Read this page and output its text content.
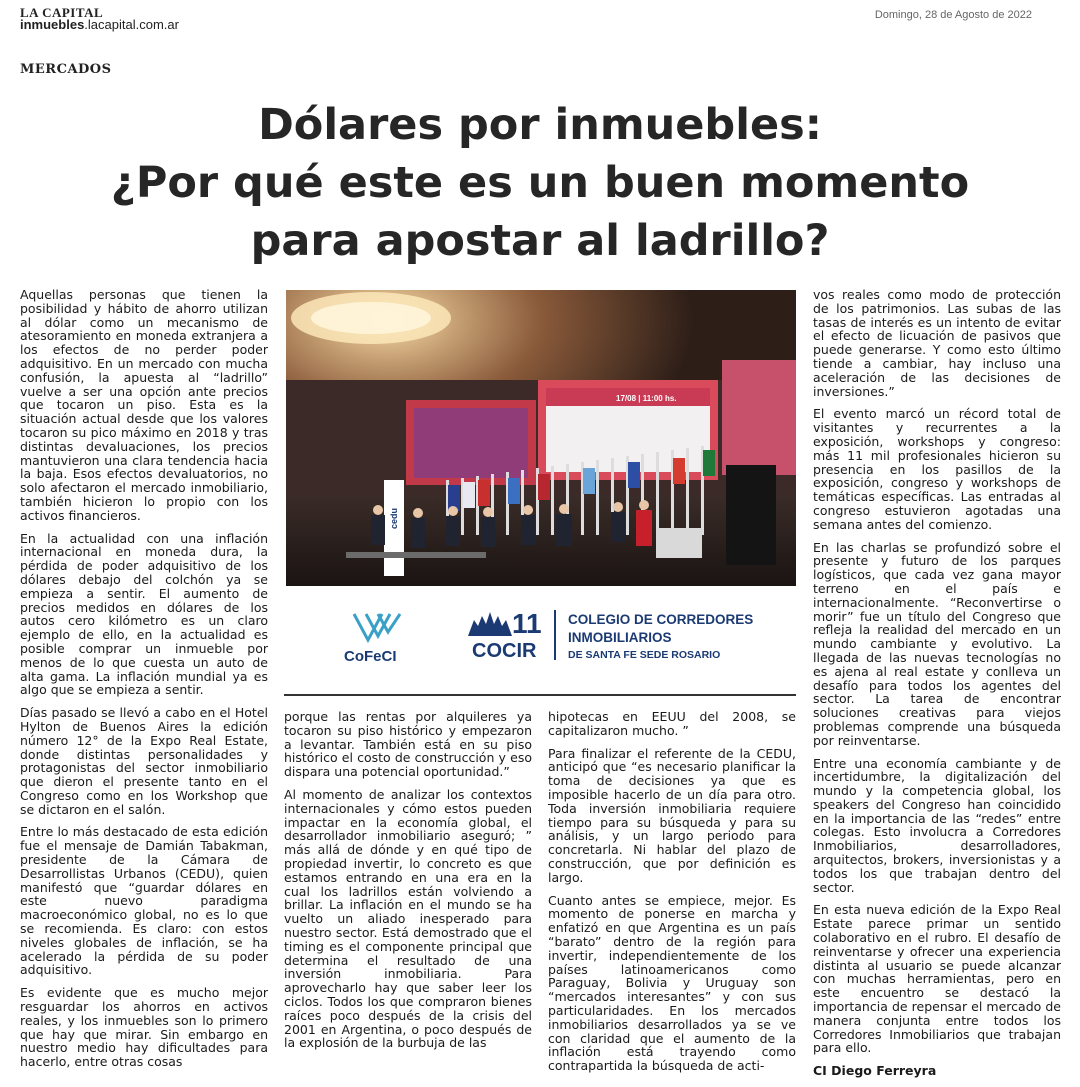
LA CAPITAL
inmuebles.lacapital.com.ar
Domingo, 28 de Agosto de 2022
MERCADOS
Dólares por inmuebles:
¿Por qué este es un buen momento
para apostar al ladrillo?

Aquellas personas que tienen la posibilidad y hábito de ahorro utilizan al dólar como un mecanismo de atesoramiento en moneda extranjera a los efectos de no perder poder adquisitivo. En un mercado con mucha confusión, la apuesta al “ladrillo” vuelve a ser una opción ante precios que tocaron un piso. Esta es la situación actual desde que los valores tocaron su pico máximo en 2018 y tras distintas devaluaciones, los precios mantuvieron una clara tendencia hacia la baja. Esos efectos devaluatorios, no solo afectaron el mercado inmobiliario, también hicieron lo propio con los activos financieros.

En la actualidad con una inflación internacional en moneda dura, la pérdida de poder adquisitivo de los dólares debajo del colchón ya se empieza a sentir. El aumento de precios medidos en dólares de los autos cero kilómetro es un claro ejemplo de ello, en la actualidad es posible comprar un inmueble por menos de lo que cuesta un auto de alta gama. La inflación mundial ya es algo que se empieza a sentir.

Días pasado se llevó a cabo en el Hotel Hylton de Buenos Aires la edición número 12° de la Expo Real Estate, donde distintas personalidades y protagonistas del sector inmobiliario que dieron el presente tanto en el Congreso como en los Workshop que se dictaron en el salón.

Entre lo más destacado de esta edición fue el mensaje de Damián Tabakman, presidente de la Cámara de Desarrollistas Urbanos (CEDU), quien manifestó que “guardar dólares en este nuevo paradigma macroeconómico global, no es lo que se recomienda. Es claro: con estos niveles globales de inflación, se ha acelerado la pérdida de su poder adquisitivo.

Es evidente que es mucho mejor resguardar los ahorros en activos reales, y los inmuebles son lo primero que hay que mirar. Sin embargo en nuestro medio hay dificultades para hacerlo, entre otras cosas

17/08 | 11:00 hs.
cedu
CoFeCI
11
COCIR
COLEGIO DE CORREDORES
INMOBILIARIOS
DE SANTA FE SEDE ROSARIO

porque las rentas por alquileres ya tocaron su piso histórico y empezaron a levantar. También está en su piso histórico el costo de construcción y eso dispara una potencial oportunidad.”

Al momento de analizar los contextos internacionales y cómo estos pueden impactar en la economía global, el desarrollador inmobiliario aseguró; ” más allá de dónde y en qué tipo de propiedad invertir, lo concreto es que estamos entrando en una era en la cual los ladrillos están volviendo a brillar. La inflación en el mundo se ha vuelto un aliado inesperado para nuestro sector. Está demostrado que el timing es el componente principal que determina el resultado de una inversión inmobiliaria. Para aprovecharlo hay que saber leer los ciclos. Todos los que compraron bienes raíces poco después de la crisis del 2001 en Argentina, o poco después de la explosión de la burbuja de las

hipotecas en EEUU del 2008, se capitalizaron mucho. ”

Para finalizar el referente de la CEDU, anticipó que “es necesario planificar la toma de decisiones ya que es imposible hacerlo de un día para otro. Toda inversión inmobiliaria requiere tiempo para su búsqueda y para su análisis, y un largo periodo para concretarla. Ni hablar del plazo de construcción, que por definición es largo.

Cuanto antes se empiece, mejor. Es momento de ponerse en marcha y enfatizó en que Argentina es un país “barato” dentro de la región para invertir, independientemente de los países latinoamericanos como Paraguay, Bolivia y Uruguay son “mercados interesantes” y con sus particularidades. En los mercados inmobiliarios desarrollados ya se ve con claridad que el aumento de la inflación está trayendo como contrapartida la búsqueda de acti-

vos reales como modo de protección de los patrimonios. Las subas de las tasas de interés es un intento de evitar el efecto de licuación de pasivos que puede generarse. Y como esto último tiende a cambiar, hay incluso una aceleración de las decisiones de inversiones.”

El evento marcó un récord total de visitantes y recurrentes a la exposición, workshops y congreso: más 11 mil profesionales hicieron su presencia en los pasillos de la exposición, congreso y workshops de temáticas específicas. Las entradas al congreso estuvieron agotadas una semana antes del comienzo.

En las charlas se profundizó sobre el presente y futuro de los parques logísticos, que cada vez gana mayor terreno en el país e internacionalmente. “Reconvertirse o morir” fue un título del Congreso que refleja la realidad del mercado en un mundo cambiante y evolutivo. La llegada de las nuevas tecnologías no es ajena al real estate y conlleva un desafío para todos los agentes del sector. La tarea de encontrar soluciones creativas para viejos problemas comprende una búsqueda por reinventarse.

Entre una economía cambiante y de incertidumbre, la digitalización del mundo y la competencia global, los speakers del Congreso han coincidido en la importancia de las “redes” entre colegas. Esto involucra a Corredores Inmobiliarios, desarrolladores, arquitectos, brokers, inversionistas y a todos los que trabajan dentro del sector.

En esta nueva edición de la Expo Real Estate parece primar un sentido colaborativo en el rubro. El desafío de reinventarse y ofrecer una experiencia distinta al usuario se puede alcanzar con muchas herramientas, pero en este encuentro se destacó la importancia de repensar el mercado de manera conjunta entre todos los Corredores Inmobiliarios que trabajan para ello.

CI Diego Ferreyra
